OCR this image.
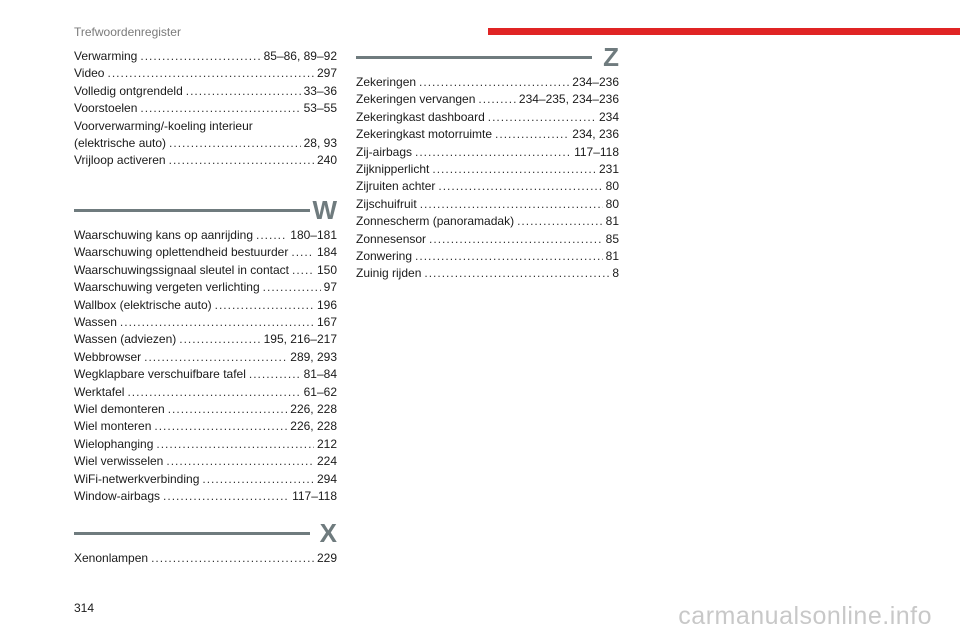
Trefwoordenregister
Verwarming .....	85–86, 89–92
Video .....	297
Volledig ontgrendeld .....	33–36
Voorstoelen .....	53–55
Voorverwarming/-koeling interieur
(elektrische auto) .....	28, 93
Vrijloop activeren .....	240
W
Waarschuwing kans op aanrijding .....	180–181
Waarschuwing oplettendheid bestuurder ..... 184
Waarschuwingssignaal sleutel in contact ..... 150
Waarschuwing vergeten verlichting .....	97
Wallbox (elektrische auto) .....	196
Wassen .....	167
Wassen (adviezen) .....	195, 216–217
Webbrowser .....	289, 293
Wegklapbare verschuifbare tafel .....	81–84
Werktafel .....	61–62
Wiel demonteren .....	226, 228
Wiel monteren .....	226, 228
Wielophanging .....	212
Wiel verwisselen .....	224
WiFi-netwerkverbinding .....	294
Window-airbags .....	117–118
X
Xenonlampen .....	229
Z
Zekeringen .....	234–236
Zekeringen vervangen .....	234–235, 234–236
Zekeringkast dashboard .....	234
Zekeringkast motorruimte .....	234, 236
Zij-airbags .....	117–118
Zijknipperlicht .....	231
Zijruiten achter .....	80
Zijschuifruit .....	80
Zonnescherm (panoramadak) .....	81
Zonnesensor .....	85
Zonwering .....	81
Zuinig rijden .....	8
314	carmanualsonline.info
